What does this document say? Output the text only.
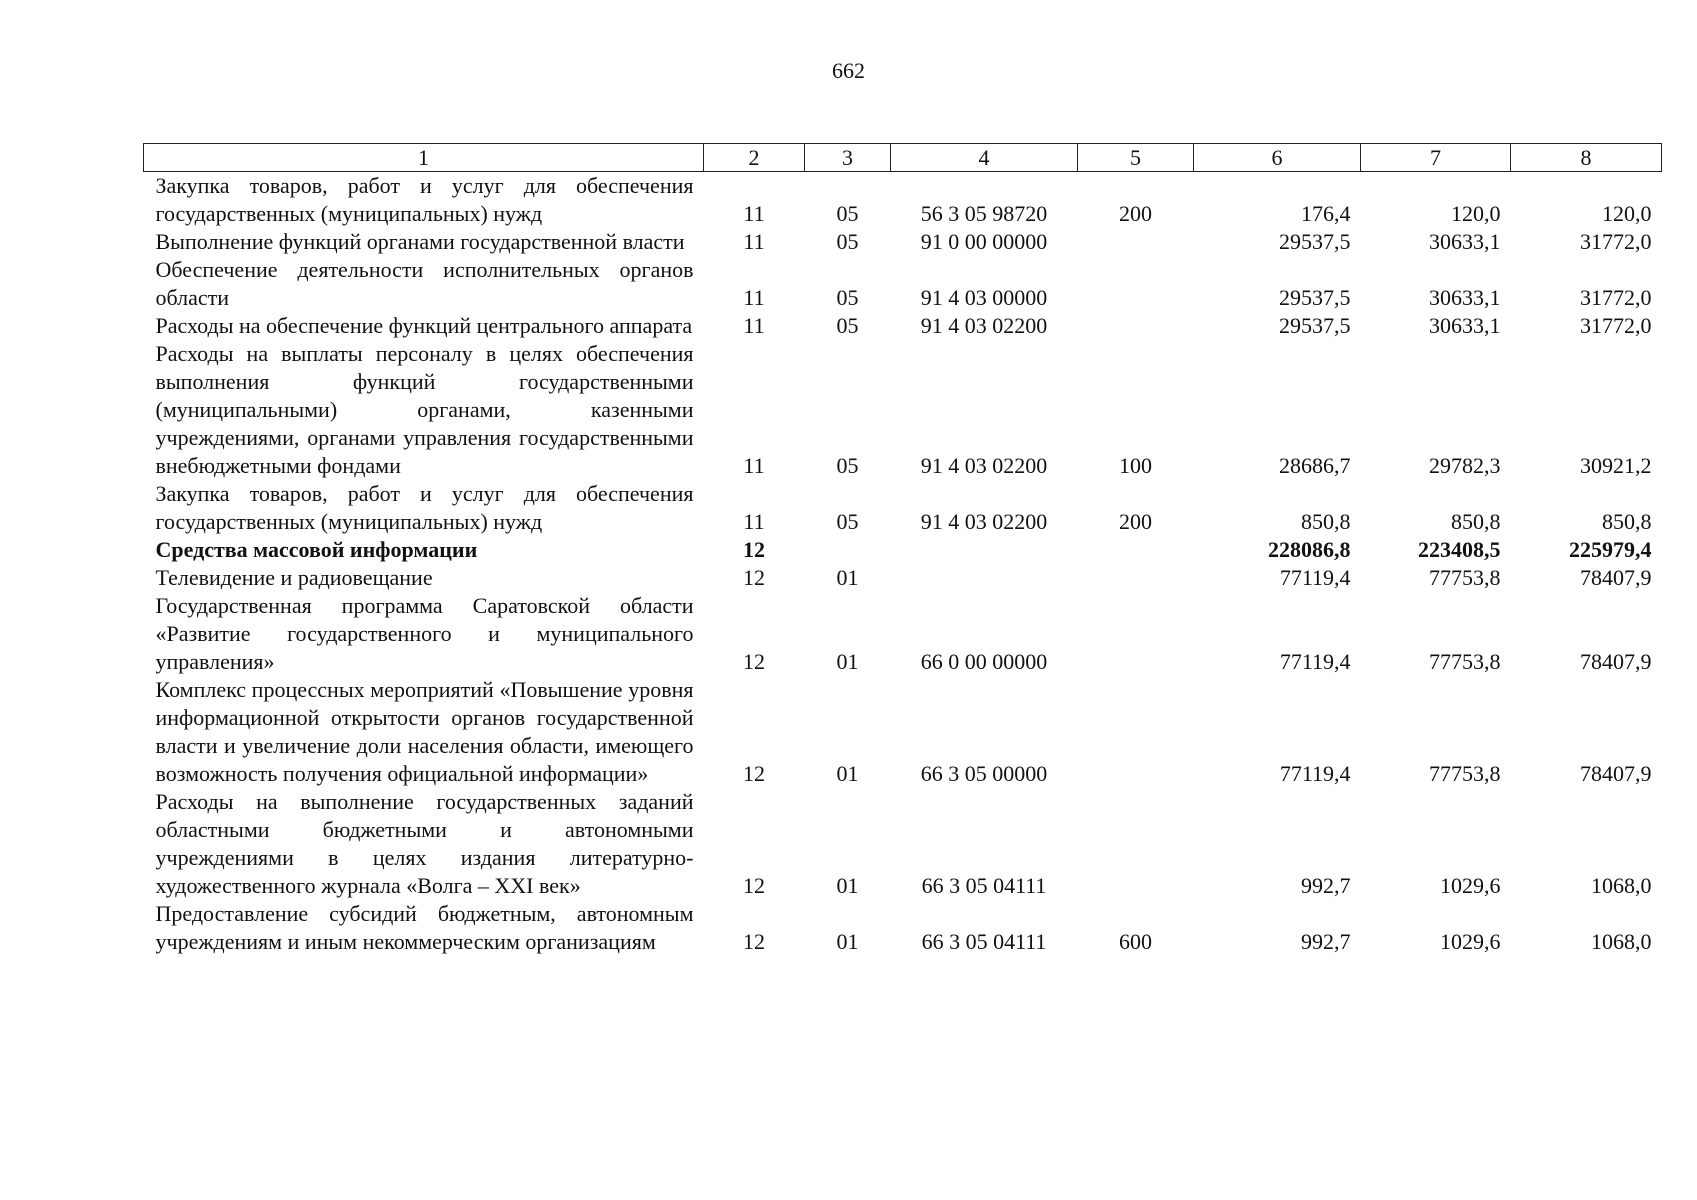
662
1	2	3	4	5	6	7	8
Закупка товаров, работ и услуг для обеспечения государственных (муниципальных) нужд	11	05	56 3 05 98720	200	176,4	120,0	120,0
Выполнение функций органами государственной власти	11	05	91 0 00 00000		29537,5	30633,1	31772,0
Обеспечение деятельности исполнительных органов области	11	05	91 4 03 00000		29537,5	30633,1	31772,0
Расходы на обеспечение функций центрального аппарата	11	05	91 4 03 02200		29537,5	30633,1	31772,0
Расходы на выплаты персоналу в целях обеспечения выполнения функций государственными (муниципальными) органами, казенными учреждениями, органами управления государственными внебюджетными фондами	11	05	91 4 03 02200	100	28686,7	29782,3	30921,2
Закупка товаров, работ и услуг для обеспечения государственных (муниципальных) нужд	11	05	91 4 03 02200	200	850,8	850,8	850,8
Средства массовой информации	12				228086,8	223408,5	225979,4
Телевидение и радиовещание	12	01			77119,4	77753,8	78407,9
Государственная программа Саратовской области «Развитие государственного и муниципального управления»	12	01	66 0 00 00000		77119,4	77753,8	78407,9
Комплекс процессных мероприятий «Повышение уровня информационной открытости органов государственной власти и увеличение доли населения области, имеющего возможность получения официальной информации»	12	01	66 3 05 00000		77119,4	77753,8	78407,9
Расходы на выполнение государственных заданий областными бюджетными и автономными учреждениями в целях издания литературно-художественного журнала «Волга – XXI век»	12	01	66 3 05 04111		992,7	1029,6	1068,0
Предоставление субсидий бюджетным, автономным учреждениям и иным некоммерческим организациям	12	01	66 3 05 04111	600	992,7	1029,6	1068,0
